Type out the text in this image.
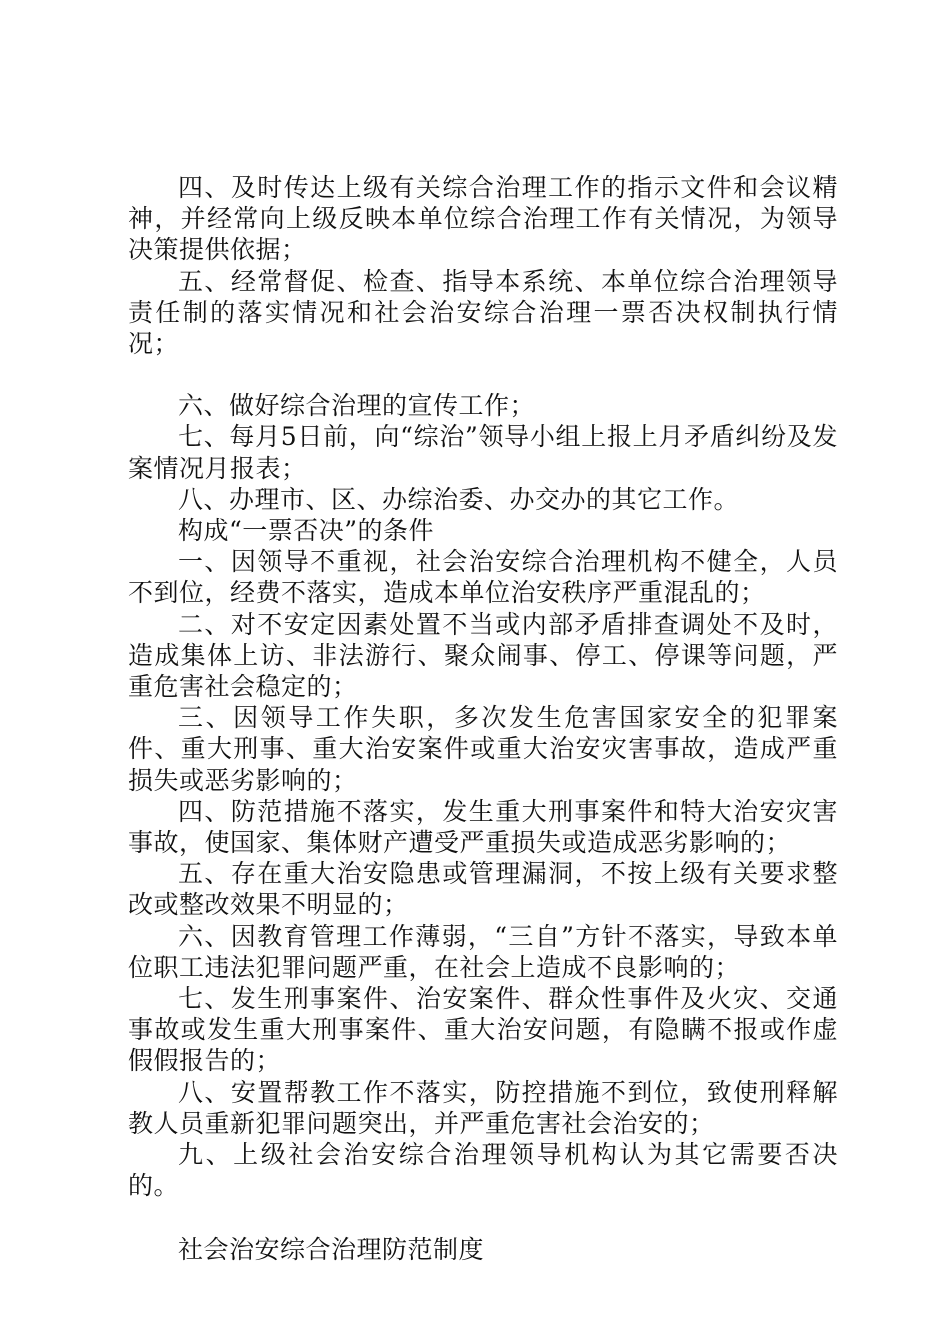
四、及时传达上级有关综合治理工作的指示文件和会议精神，并经常向上级反映本单位综合治理工作有关情况，为领导决策提供依据；

五、经常督促、检查、指导本系统、本单位综合治理领导责任制的落实情况和社会治安综合治理一票否决权制执行情况；

六、做好综合治理的宣传工作；

七、每月5日前，向“综治”领导小组上报上月矛盾纠纷及发案情况月报表；

八、办理市、区、办综治委、办交办的其它工作。

构成“一票否决”的条件

一、因领导不重视，社会治安综合治理机构不健全，人员不到位，经费不落实，造成本单位治安秩序严重混乱的；

二、对不安定因素处置不当或内部矛盾排查调处不及时，造成集体上访、非法游行、聚众闹事、停工、停课等问题，严重危害社会稳定的；

三、因领导工作失职，多次发生危害国家安全的犯罪案件、重大刑事、重大治安案件或重大治安灾害事故，造成严重损失或恶劣影响的；

四、防范措施不落实，发生重大刑事案件和特大治安灾害事故，使国家、集体财产遭受严重损失或造成恶劣影响的；

五、存在重大治安隐患或管理漏洞，不按上级有关要求整改或整改效果不明显的；

六、因教育管理工作薄弱，“三自”方针不落实，导致本单位职工违法犯罪问题严重，在社会上造成不良影响的；

七、发生刑事案件、治安案件、群众性事件及火灾、交通事故或发生重大刑事案件、重大治安问题，有隐瞒不报或作虚假假报告的；

八、安置帮教工作不落实，防控措施不到位，致使刑释解教人员重新犯罪问题突出，并严重危害社会治安的；

九、上级社会治安综合治理领导机构认为其它需要否决的。

社会治安综合治理防范制度
